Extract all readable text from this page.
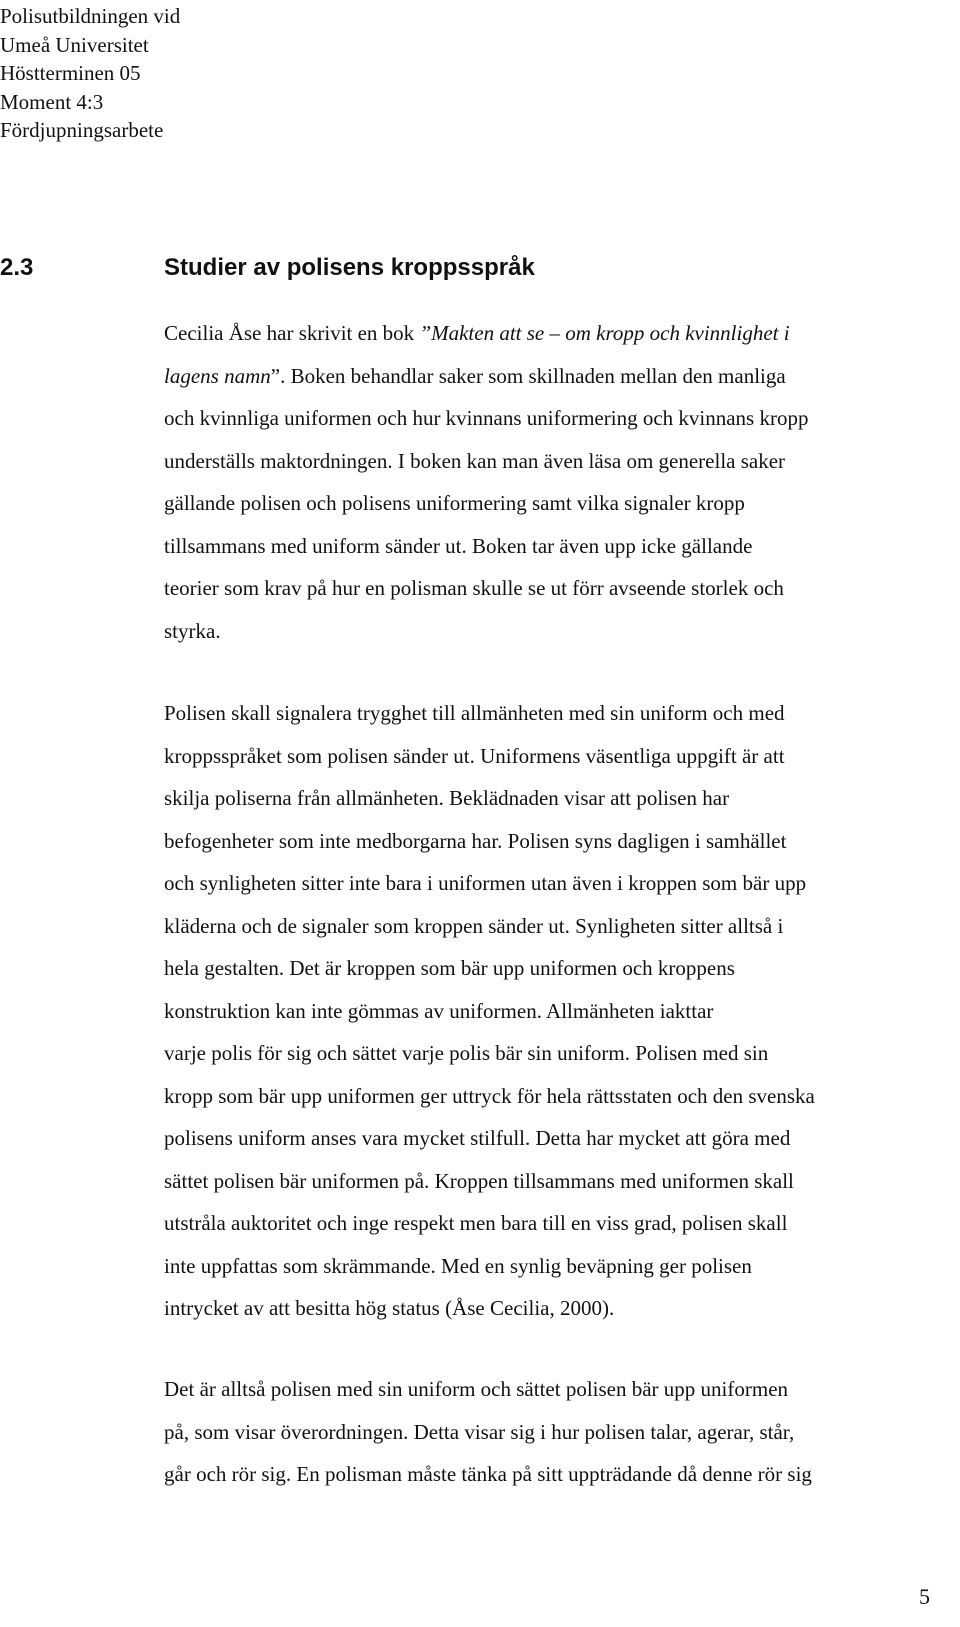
Polisutbildningen vid
Umeå Universitet
Höstterminen 05
Moment 4:3
Fördjupningsarbete
2.3	Studier av polisens kroppsspråk
Cecilia Åse har skrivit en bok ”Makten att se – om kropp och kvinnlighet i
lagens namn”. Boken behandlar saker som skillnaden mellan den manliga
och kvinnliga uniformen och hur kvinnans uniformering och kvinnans kropp
underställs maktordningen. I boken kan man även läsa om generella saker
gällande polisen och polisens uniformering samt vilka signaler kropp
tillsammans med uniform sänder ut. Boken tar även upp icke gällande
teorier som krav på hur en polisman skulle se ut förr avseende storlek och
styrka.
Polisen skall signalera trygghet till allmänheten med sin uniform och med
kroppsspråket som polisen sänder ut. Uniformens väsentliga uppgift är att
skilja poliserna från allmänheten. Beklädnaden visar att polisen har
befogenheter som inte medborgarna har. Polisen syns dagligen i samhället
och synligheten sitter inte bara i uniformen utan även i kroppen som bär upp
kläderna och de signaler som kroppen sänder ut. Synligheten sitter alltså i
hela gestalten. Det är kroppen som bär upp uniformen och kroppens
konstruktion kan inte gömmas av uniformen. Allmänheten iakttar
varje polis för sig och sättet varje polis bär sin uniform. Polisen med sin
kropp som bär upp uniformen ger uttryck för hela rättsstaten och den svenska
polisens uniform anses vara mycket stilfull. Detta har mycket att göra med
sättet polisen bär uniformen på. Kroppen tillsammans med uniformen skall
utstråla auktoritet och inge respekt men bara till en viss grad, polisen skall
inte uppfattas som skrämmande. Med en synlig beväpning ger polisen
intrycket av att besitta hög status (Åse Cecilia, 2000).
Det är alltså polisen med sin uniform och sättet polisen bär upp uniformen
på, som visar överordningen. Detta visar sig i hur polisen talar, agerar, står,
går och rör sig. En polisman måste tänka på sitt uppträdande då denne rör sig
5
